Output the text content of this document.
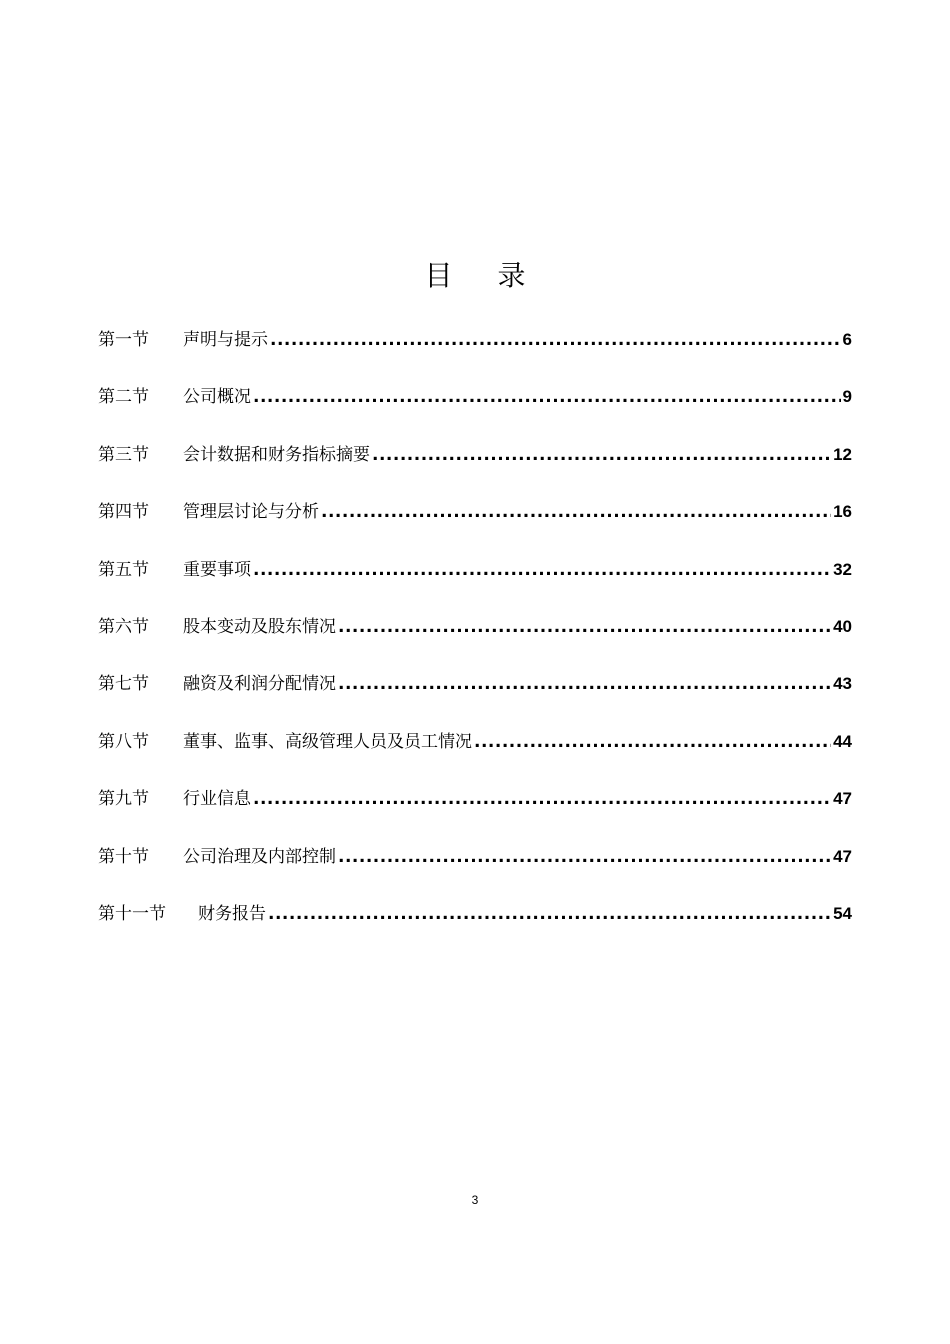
目 录
第一节	声明与提示 .....	6
第二节	公司概况 .....	9
第三节	会计数据和财务指标摘要 .....	12
第四节	管理层讨论与分析 .....	16
第五节	重要事项 .....	32
第六节	股本变动及股东情况 .....	40
第七节	融资及利润分配情况 .....	43
第八节	董事、监事、高级管理人员及员工情况 .....	44
第九节	行业信息 .....	47
第十节	公司治理及内部控制 .....	47
第十一节	财务报告 .....	54
3
